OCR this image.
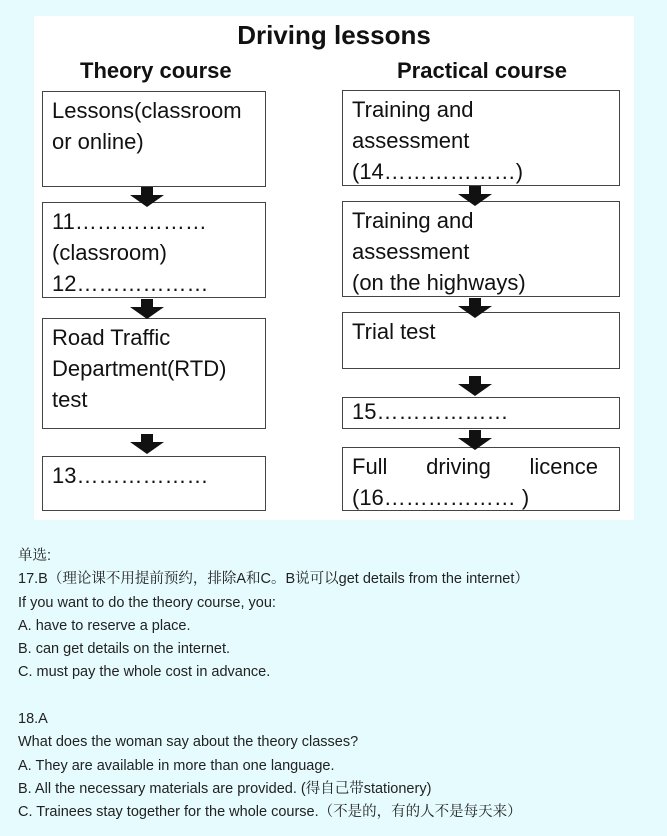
Driving lessons
Theory course	Practical course
Lessons(classroom
or online)
11………………
(classroom)
12………………
Road Traffic
Department(RTD)
test
13………………
Training and
assessment
(14………………)
Training and
assessment
(on the highways)
Trial test
15………………
Full driving licence
(16……………… )
单选:
17.B（理论课不用提前预约，排除A和C。B说可以get details from the internet）
If you want to do the theory course, you:
A. have to reserve a place.
B. can get details on the internet.
C. must pay the whole cost in advance.
18.A
What does the woman say about the theory classes?
A. They are available in more than one language.
B. All the necessary materials are provided. (得自己带stationery)
C. Trainees stay together for the whole course.（不是的，有的人不是每天来）
